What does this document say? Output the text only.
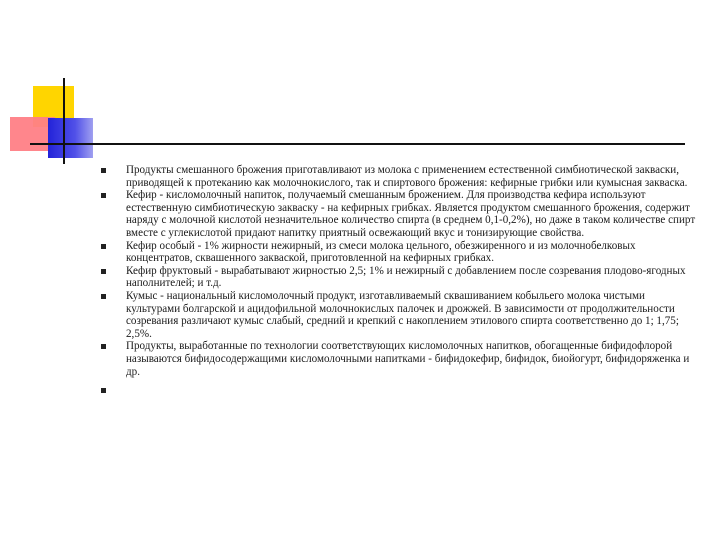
Продукты смешанного брожения приготавливают из молока с применением естественной симбиотической закваски, приводящей к протеканию как молочнокислого, так и спиртового брожения: кефирные грибки или кумысная закваска.
Кефир - кисломолочный напиток, получаемый смешанным брожением. Для производства кефира используют естественную симбиотическую закваску - на кефирных грибках. Является продуктом смешанного брожения, содержит наряду с молочной кислотой незначительное количество спирта (в среднем 0,1-0,2%), но даже в таком количестве спирт вместе с углекислотой придают напитку приятный освежающий вкус и тонизирующие свойства.
Кефир особый - 1% жирности нежирный, из смеси молока цельного, обезжиренного и из молочнобелковых концентратов, сквашенного закваской, приготовленной на кефирных грибках.
Кефир фруктовый - вырабатывают жирностью 2,5; 1% и нежирный с добавлением после созревания плодово-ягодных наполнителей; и т.д.
Кумыс - национальный кисломолочный продукт, изготавливаемый сквашиванием кобыльего молока чистыми культурами болгарской и ацидофильной молочнокислых палочек и дрожжей. В зависимости от продолжительности созревания различают кумыс слабый, средний и крепкий с накоплением этилового спирта соответственно до 1; 1,75; 2,5%.
Продукты, выработанные по технологии соответствующих кисломолочных напитков, обогащенные бифидофлорой называются бифидосодержащими кисломолочными напитками - бифидокефир, бифидок, биойогурт, бифидоряженка и др.
